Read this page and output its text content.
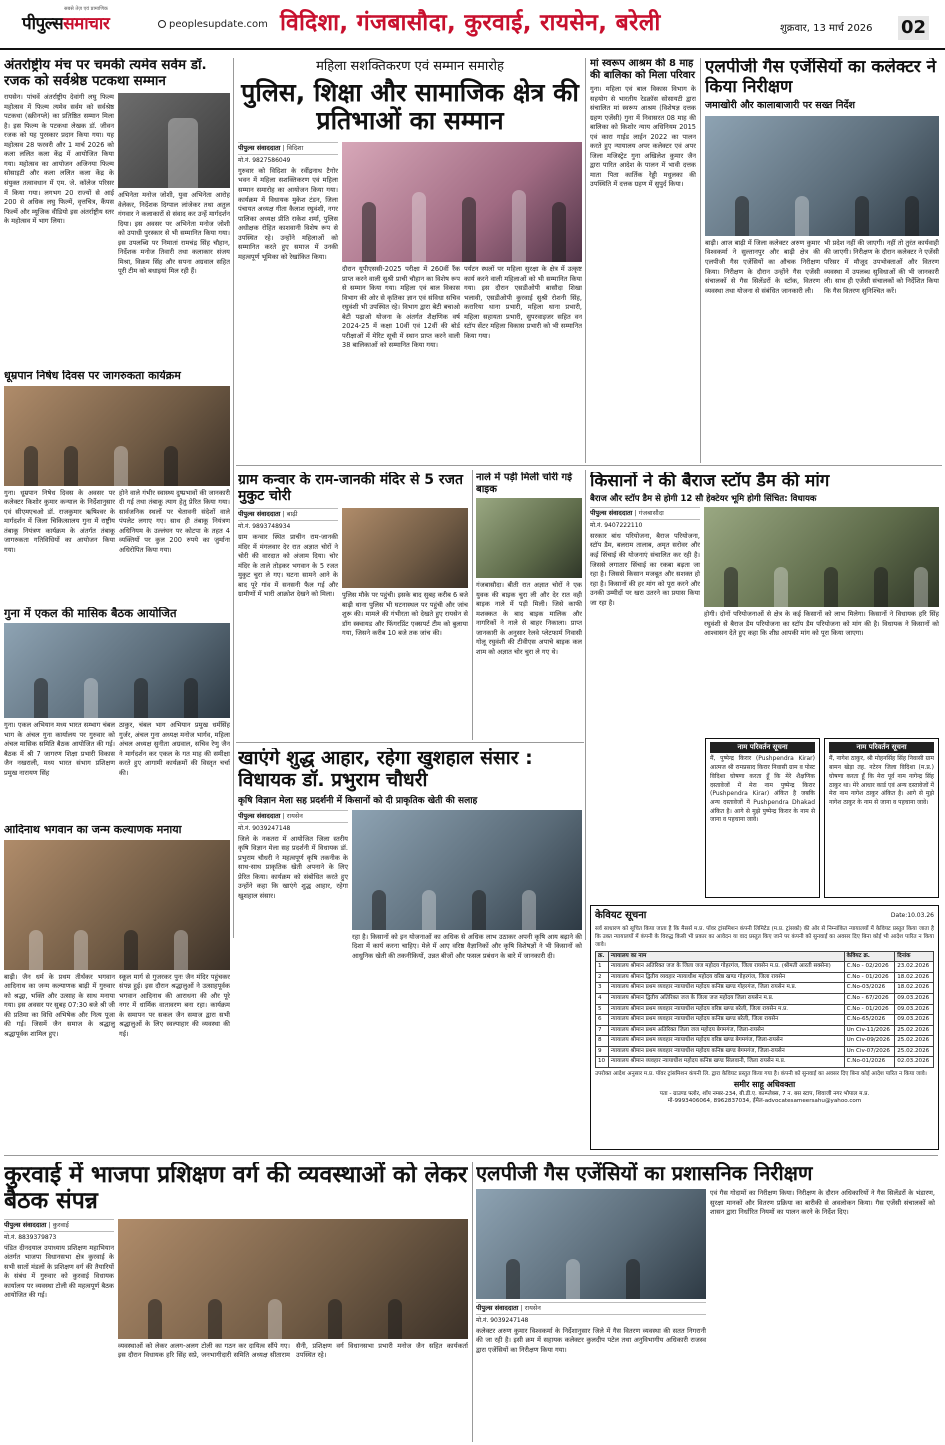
सबसे तेज़ एवं प्रामाणिक
पीपुल्ससमाचार	peoplesupdate.com विदिशा, गंजबासौदा, कुरवाई, रायसेन, बरेली	शुक्रवार, 13 मार्च 2026 02
अंतर्राष्ट्रीय मंच पर चमकी त्यमेव सर्वम डॉ. रजक को सर्वश्रेष्ठ पटकथा सम्मान
रायसेन। पांचवें अंतर्राष्ट्रीय देवांगी लघु फिल्म महोत्सव में फिल्म त्यमेव सर्वम को सर्वश्रेष्ठ पटकथा (स्क्रीनप्ले) का प्रतिष्ठित सम्मान मिला है। इस फिल्म के पटकथा लेखक डॉ. जीवन रजक को यह पुरस्कार प्रदान किया गया। यह महोत्सव 28 फरवरी और 1 मार्च 2026 को कला ललित कला केंद्र में आयोजित किया गया। महोत्सव का आयोजन अजिनया फिल्म सोसाइटी और कला ललित कला केंद्र के संयुक्त तत्वावधान में एम. जे. कॉलेज परिसर में किया गया। लगभग 20 राज्यों से आई 200 से अधिक लघु फिल्में, वृत्तचित्र, कैंपस फिल्में और म्यूजिक वीडियो इस अंतर्राष्ट्रीय स्तर के महोत्सव में भाग लिया।
अभिनेता मनोज जोशी, युवा अभिनेता आरोह वेलेकर, निर्देशक दिग्पाल लांजेकर तथा अतुल गंगवार ने कलाकारों से संवाद कर उन्हें मार्गदर्शन दिया। इस अवसर पर अभिनेता मनोज जोशी को उपाधी पुरस्कार से भी सम्मानित किया गया। इस उपलब्धि पर निमातां रामचंद्र सिंह चौहान, निर्देशक मनोज तिवारी तथा कलाकार संजय मिश्रा, विक्रम सिंह और सपना अग्रवाल सहित पूरी टीम को बधाइयां मिल रही हैं।
धूम्रपान निषेध दिवस पर जागरुकता कार्यक्रम
गुना। धूम्रपान निषेध दिवस के अवसर पर कलेक्टर किशोर कुमार कन्याल के निर्देशानुसार एवं सीएमएचओ डॉ. राजकुमार ऋषिश्वर के मार्गदर्शन में जिला चिकित्सालय गुना में राष्ट्रीय तंबाकू नियंत्रण कार्यक्रम के अंतर्गत तंबाकू जागरुकता गतिविधियों का आयोजन किया गया।
होने वाले गंभीर स्वास्थ्य दुष्प्रभावों की जानकारी दी गई तथा तंबाकू त्याग हेतु प्रेरित किया गया। सार्वजनिक स्थलों पर चेतावनी संदेशों वाले पंपलेट लगाए गए। साथ ही तंबाकू नियंत्रण अधिनियम के उल्लंघन पर कोटपा के तहत 4 व्यक्तियों पर कुल 200 रुपये का जुर्माना अधिरोपित किया गया।
गुना में एकल की मासिक बैठक आयोजित
गुना। एकल अभियान मध्य भारत सम्भाग चंबल भाग के अंचल गुना कार्यालय पर गुरुवार को अंचल मासिक समिति बैठक आयोजित की गई। बैठक में श्री 7 जागरण शिक्षा प्रभारी विकास जैन नखराली, मध्य भारत संभाग प्रशिक्षण प्रमुख नारायण सिंह
ठाकुर, चंबल भाग अभियान प्रमुख धर्मसिंह गुर्जर, अंचल गुना अध्यक्ष मनोज भार्गव, महिला अंचल अध्यक्ष सुनीता अग्रवाल, सचिव रेणु जैन ने मार्गदर्शन कर एकल के गत माह की समीक्षा करते हुए आगामी कार्यक्रमों की विस्तृत चर्चा की।
आदिनाथ भगवान का जन्म कल्याणक मनाया
बाढ़ी। जैन धर्म के प्रथम तीर्थंकर भगवान आदिनाथ का जन्म कल्याणक बाढ़ी में गुरुवार को श्रद्धा, भक्ति और उत्साह के साथ मनाया गया। इस अवसर पर सुबह 07:30 बजे श्री जी की प्रतिमा का विधि अभिषेक और नित्य पूजा की गई। जिसमें जैन समाज के श्रद्धालु श्रद्धापूर्वक शामिल हुए।
स्कूल मार्ग से गुजरकर पुनः जैन मंदिर पहुंचकर संपन्न हुई। इस दौरान श्रद्धालुओं ने उत्साहपूर्वक भगवान आदिनाथ की आराधना की और पूरे नगर में धार्मिक वातावरण बना रहा। कार्यक्रम के समापन पर सकल जैन समाज द्वारा सभी श्रद्धालुओं के लिए स्वल्पाहार की व्यवस्था की गई।
महिला सशक्तिकरण एवं सम्मान समारोह
पुलिस, शिक्षा और सामाजिक क्षेत्र की प्रतिभाओं का सम्मान
पीपुल्स संवाददाता | विदिशा
मो.नं. 9827586049
गुरुवार को विदिशा के रवींद्रनाथ टैगोर भवन में महिला सशक्तिकरण एवं महिला सम्मान समारोह का आयोजन किया गया। कार्यक्रम में विधायक मुकेश टंडन, जिला पंचायत अध्यक्ष गीता कैलाश रघुवंशी, नगर पालिका अध्यक्ष प्रीति राकेश शर्मा, पुलिस अधीक्षक रोहित काशवानी विशेष रूप से उपस्थित रहे। उन्होंने महिलाओं को सम्मानित करते हुए समाज में उनकी महत्वपूर्ण भूमिका को रेखांकित किया।
दौरान यूपीएससी-2025 परीक्षा में 260वीं रैंक प्राप्त करने वाली सुश्री प्राची चौहान का विशेष रूप से सम्मान किया गया। महिला एवं बाल विकास विभाग की ओर से कृतिका ज्ञान एवं संविधा सचिव रघुवंशी भी उपस्थित रहे। विभाग द्वारा बेटी बचाओ बेटी पढ़ाओ योजना के अंतर्गत शैक्षणिक वर्ष 2024-25 में कक्षा 10वीं एवं 12वीं की बोर्ड परीक्षाओं में मेरिट सूची में स्थान प्राप्त करने वाली 38 बालिकाओं को सम्मानित किया गया।
पर्यटन स्थलों पर महिला सुरक्षा के क्षेत्र में उत्कृष्ट कार्य करने वाली महिलाओं को भी सम्मानित किया गया। इस दौरान एसडीओपी बासौदा शिखा भलावी, एसडीओपी कुरवाई सुश्री रोशनी सिंह, करारिया थाना प्रभारी, महिला थाना प्रभारी, महिला सहायता प्रभारी, सुपरवाइजर सहित वन स्टॉप सेंटर महिला विकास प्रभारी को भी सम्मानित किया गया।
मां स्वरूप आश्रम की 8 माह की बालिका को मिला परिवार
गुना। महिला एवं बाल विकास विभाग के सहयोग से भारतीय रेडक्रॉस सोसायटी द्वारा संचालित मां स्वरूप आश्रम (विशेषज्ञ दत्तक ग्रहण एजेंसी) गुना में निवासरत 08 माह की बालिका को किशोर न्याय अधिनियम 2015 एवं कारा गाईड लाईन 2022 का पालन करते हुए न्यायालय अपर कलेक्टर एवं अपर जिला मजिस्ट्रेट गुना अखिलेश कुमार जैन द्वारा पारित आदेश के पालन में भावी दत्तक माता पिता कार्तिक रेड्डी मधुलका की उपस्थिति में दत्तक ग्रहण में सुपुर्द किया।
एलपीजी गैस एजेंसियों का कलेक्टर ने किया निरीक्षण
जमाखोरी और कालाबाजारी पर सख्त निर्देश
बाढ़ी। आज बाढ़ी में जिला कलेक्टर अरुण कुमार विश्वकर्मा ने सुल्तानपुर और बाढ़ी क्षेत्र की एलपीजी गैस एजेंसियों का औचक निरीक्षण किया। निरीक्षण के दौरान उन्होंने गैस एजेंसी संचालकों से गैस सिलेंडरों के स्टॉक, वितरण व्यवस्था तथा योजना से संबंधित जानकारी ली।
भी प्रदेश नहीं की जाएगी। नहीं तो तुरंत कार्यवाही की जाएगी। निरीक्षण के दौरान कलेक्टर ने एजेंसी परिसर में मौजूद उपभोक्ताओं और वितरण व्यवस्था में उपलब्ध सुविधाओं की भी जानकारी ली। साथ ही एजेंसी संचालकों को निर्देशित किया कि गैस वितरण सुनिश्चित करें।
ग्राम कन्वार के राम-जानकी मंदिर से 5 रजत मुकुट चोरी
पीपुल्स संवाददाता | बाढ़ी
मो.नं. 9893748934
ग्राम कन्वार स्थित प्राचीन राम-जानकी मंदिर में मंगलवार देर रात अज्ञात चोरों ने चोरी की वारदात को अंजाम दिया। चोर मंदिर के ताले तोड़कर भगवान के 5 रजत मुकुट चुरा ले गए। घटना सामने आने के बाद पूरे गांव में सनसनी फैल गई और ग्रामीणों में भारी आक्रोश देखने को मिला।	पुलिस मौके पर पहुंची। इसके बाद सुबह करीब 6 बजे बाढ़ी थाना पुलिस भी घटनास्थल पर पहुंची और जांच शुरू की। मामले की गंभीरता को देखते हुए रायसेन से डॉग स्क्वायड और फिंगरप्रिंट एक्सपर्ट टीम को बुलाया गया, जिसने करीब 10 बजे तक जांच की।
नाले में पड़ी मिली चोरी गई बाइक
गंजबासौदा। बीती रात अज्ञात चोरों ने एक युवक की बाइक चुरा ली और देर रात वही बाइक नाले में पड़ी मिली। जिसे काफी मशक्कत के बाद बाइक मालिक और नागरिकों ने नाले से बाहर निकाला। प्राप्त जानकारी के अनुसार रेलवे प्लेटफार्म निवासी गोलू रघुवंशी की टीवीएस अपाचे बाइक कल शाम को अज्ञात चोर चुरा ले गए थे।
किसानों ने की बैराज स्टॉप डैम की मांग
बैराज और स्टॉप डैम से होगी 12 सौ हेक्टेयर भूमि होगी सिंचित: विधायक
पीपुल्स संवाददाता | गंजबासौदा
मो.नं. 9407222110
सरकार बांध परियोजना, बैराज परियोजना, स्टॉप डैम, बलराम तालाब, अमृत सरोवर और कई सिंचाई की योजनाएं संचालित कर रही है। जिससे लगातार सिंचाई का रकबा बढ़ता जा रहा है। जिससे किसान मजबूत और सशक्त हो रहा है। किसानों की हर मांग को पूरा करने और उनकी उम्मीदों पर खरा उतरने का प्रयास किया जा रहा है।
होगी। दोनों परियोजनाओं से क्षेत्र के कई किसानों को लाभ मिलेगा। किसानों ने विधायक हरि सिंह रघुवंशी से बैराज डैम परियोजना का स्टॉप डैम परियोजना को मांग की है। विधायक ने किसानों को आश्वासन देते हुए कहा कि शीघ्र आपकी मांग को पूरा किया जाएगा।
नाम परिवर्तन सूचना
मैं, पुष्पेन्द्र किरार (Pushpendra Kirar) आत्मज श्री रामप्रसाद किरार निवासी ग्राम व पोस्ट विदिशा घोषणा करता हूँ कि मेरे शैक्षणिक दस्तावेजों में मेरा नाम पुष्पेन्द्र किरार (Pushpendra Kirar) अंकित है जबकि अन्य दस्तावेजों में Pushpendra Dhakad अंकित है। आगे से मुझे पुष्पेन्द्र किरार के नाम से जाना व पहचाना जावे।
नाम परिवर्तन सूचना
मैं, नागेश ठाकुर, श्री मोहनसिंह सिंह निवासी ग्राम बामन खेड़ा तह. नटेरन जिला विदिशा (म.प्र.) घोषणा करता हूँ कि मेरा पूर्व नाम नागेन्द्र सिंह ठाकुर था। मेरे आधार कार्ड एवं अन्य दस्तावेजों में मेरा नाम नागेश ठाकुर अंकित है। आगे से मुझे नागेश ठाकुर के नाम से जाना व पहचाना जावे।
खाएंगे शुद्ध आहार, रहेगा खुशहाल संसार : विधायक डॉ. प्रभुराम चौधरी
कृषि विज्ञान मेला सह प्रदर्शनी में किसानों को दी प्राकृतिक खेती की सलाह
पीपुल्स संवाददाता | रायसेन
मो.नं. 9039247148
जिले के नकतरा में आयोजित जिला स्तरीय कृषि विज्ञान मेला सह प्रदर्शनी में विधायक डॉ. प्रभुराम चौधरी ने महत्वपूर्ण कृषि तकनीक के साथ-साथ प्राकृतिक खेती अपनाने के लिए प्रेरित किया। कार्यक्रम को संबोधित करते हुए उन्होंने कहा कि खाएंगे शुद्ध आहार, रहेगा खुशहाल संसार।
रहा है। किसानों को इन योजनाओं का अधिक से अधिक लाभ उठाकर अपनी कृषि आय बढ़ाने की दिशा में कार्य करना चाहिए। मेले में आए वरिष्ठ वैज्ञानिकों और कृषि विशेषज्ञों ने भी किसानों को आधुनिक खेती की तकनीकियों, उन्नत बीजों और फसल प्रबंधन के बारे में जानकारी दी।
केवियट सूचना	Date:10.03.26
सर्व साधारण को सूचित किया जाता है कि मैसर्स म.प्र. पॉवर ट्रांसमिशन कंपनी लिमिटेड (म.प्र. ट्रांसको) की ओर से निम्नांकित न्यायालयों में केवियट प्रस्तुत किया जाता है कि उक्त न्यायालयों में कंपनी के विरुद्ध किसी भी प्रकार का आवेदन या वाद प्रस्तुत किए जाने पर कंपनी को सुनवाई का अवसर दिए बिना कोई भी आदेश पारित न किया जावे।
क्र.	न्यायालय का नाम	केवियट क्र.	दिनांक
1	न्यायालय श्रीमान अतिरिक्त जज के जिला जज महोदय गोहरगंज, जिला रायसेन म.प्र. (श्रीमती आरती सक्सेना)	C.No - 02/2026	23.02.2026
2	न्यायालय श्रीमान द्वितीय व्यवहार न्यायाधीश महोदय वरिष्ठ खण्ड गोहरगंज, जिला रायसेन	C.No - 01/2026	18.02.2026
3	न्यायालय श्रीमान प्रथम व्यवहार न्यायाधीश महोदय कनिष्ठ खण्ड गोहरगंज, जिला रायसेन म.प्र.	C.No-03/2026	18.02.2026
4	न्यायालय श्रीमान द्वितीय अतिरिक्त जज के जिला जज महोदय जिला रायसेन म.प्र.	C.No - 67/2026	09.03.2026
5	न्यायालय श्रीमान प्रथम व्यवहार न्यायाधीश महोदय वरिष्ठ खण्ड बरेली, जिला रायसेन म.प्र.	C.No - 01/2026	09.03.2026
6	न्यायालय श्रीमान प्रथम व्यवहार न्यायाधीश महोदय कनिष्ठ खण्ड बरेली, जिला रायसेन	C.No-65/2026	09.03.2026
7	न्यायालय श्रीमान प्रथम अतिरिक्त जिला जज महोदय बेगमगंज, जिला-रायसेन	Un Civ-11/2026	25.02.2026
8	न्यायालय श्रीमान प्रथम व्यवहार न्यायाधीश महोदय वरिष्ठ खण्ड बेगमगंज, जिला-रायसेन	Un Civ-09/2026	25.02.2026
9	न्यायालय श्रीमान प्रथम व्यवहार न्यायाधीश महोदय कनिष्ठ खण्ड बेगमगंज, जिला-रायसेन	Un Civ-07/2026	25.02.2026
10	न्यायालय श्रीमान व्यवहार न्यायाधीश महोदय कनिष्ठ खण्ड सिलवानी, जिला रायसेन म.प्र.	C.No-01/2026	02.03.2026
उपरोक्त आदेश अनुसार म.प्र. पॉवर ट्रांसमिशन कंपनी लि. द्वारा केवियट प्रस्तुत किया गया है। कंपनी को सुनवाई का अवसर दिए बिना कोई आदेश पारित न किया जावे।
समीर साहू अधिवक्ता
पता - ग्राउण्ड फ्लोर, शॉप नम्बर-234, बी.डी.ए. काम्प्लेक्स, 7 न. बस स्टाप, शिवाजी नगर भोपाल म.प्र.
मो-9993406064, 8962837034, ईमेल-advocatesameersahu@yahoo.com
कुरवाई में भाजपा प्रशिक्षण वर्ग की व्यवस्थाओं को लेकर बैठक संपन्न
पीपुल्स संवाददाता | कुरवाई
मो.नं. 8839379873
पंडित दीनदयाल उपाध्याय प्रशिक्षण महाभियान अंतर्गत भाजपा विधानसभा क्षेत्र कुरवाई के सभी सातों मंडलों के प्रशिक्षण वर्ग की तैयारियों के संबंध में गुरुवार को कुरवाई विधायक कार्यालय पर व्यवस्था टोली की महत्वपूर्ण बैठक आयोजित की गई।
व्यवस्थाओं को लेकर अलग-अलग टोली का गठन कर दायित्व सौंपे गए। इस दौरान विधायक हरि सिंह सप्रे, जनभागीदारी समिति अध्यक्ष सीताराम सैनी, प्रशिक्षण वर्ग विधानसभा प्रभारी मनोज जैन सहित कार्यकर्ता उपस्थित रहे।
एलपीजी गैस एजेंसियों का प्रशासनिक निरीक्षण
पीपुल्स संवाददाता | रायसेन
मो.नं. 9039247148
कलेक्टर अरुण कुमार विश्वकर्मा के निर्देशानुसार जिले में गैस वितरण व्यवस्था की सतत निगरानी की जा रही है। इसी क्रम में सहायक कलेक्टर कुलदीप पटेल तथा अनुविभागीय अधिकारी राजस्व द्वारा एजेंसियों का निरीक्षण किया गया।
एवं गैस गोदामों का निरीक्षण किया। निरीक्षण के दौरान अधिकारियों ने गैस सिलेंडरों के भंडारण, सुरक्षा मानकों और वितरण प्रक्रिया का बारीकी से अवलोकन किया। गैस एजेंसी संचालकों को शासन द्वारा निर्धारित नियमों का पालन करने के निर्देश दिए।
